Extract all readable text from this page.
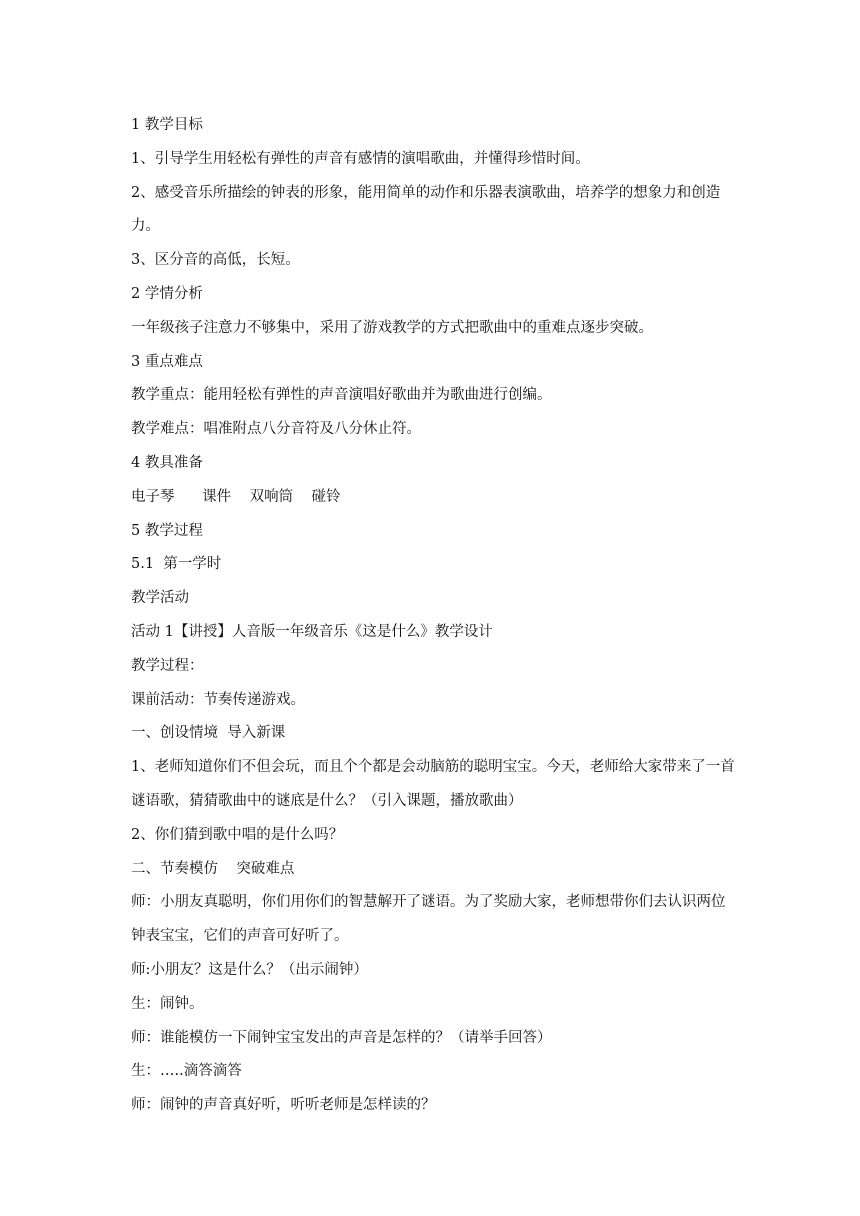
1 教学目标

1、引导学生用轻松有弹性的声音有感情的演唱歌曲，并懂得珍惜时间。

2、感受音乐所描绘的钟表的形象，能用简单的动作和乐器表演歌曲，培养学的想象力和创造力。

3、区分音的高低，长短。

2 学情分析

一年级孩子注意力不够集中，采用了游戏教学的方式把歌曲中的重难点逐步突破。

3 重点难点

教学重点：能用轻松有弹性的声音演唱好歌曲并为歌曲进行创编。

教学难点：唱准附点八分音符及八分休止符。

4 教具准备

电子琴      课件    双响筒    碰铃

5 教学过程

5.1  第一学时

教学活动

活动 1【讲授】人音版一年级音乐《这是什么》教学设计

教学过程：

课前活动：节奏传递游戏。

一、创设情境  导入新课

1、老师知道你们不但会玩，而且个个都是会动脑筋的聪明宝宝。今天，老师给大家带来了一首谜语歌，猜猜歌曲中的谜底是什么？（引入课题，播放歌曲）

2、你们猜到歌中唱的是什么吗？

二、节奏模仿    突破难点

师：小朋友真聪明，你们用你们的智慧解开了谜语。为了奖励大家，老师想带你们去认识两位钟表宝宝，它们的声音可好听了。

师:小朋友？这是什么？（出示闹钟）

生：闹钟。

师：谁能模仿一下闹钟宝宝发出的声音是怎样的？（请举手回答）

生：…..滴答滴答

师：闹钟的声音真好听，听听老师是怎样读的？
